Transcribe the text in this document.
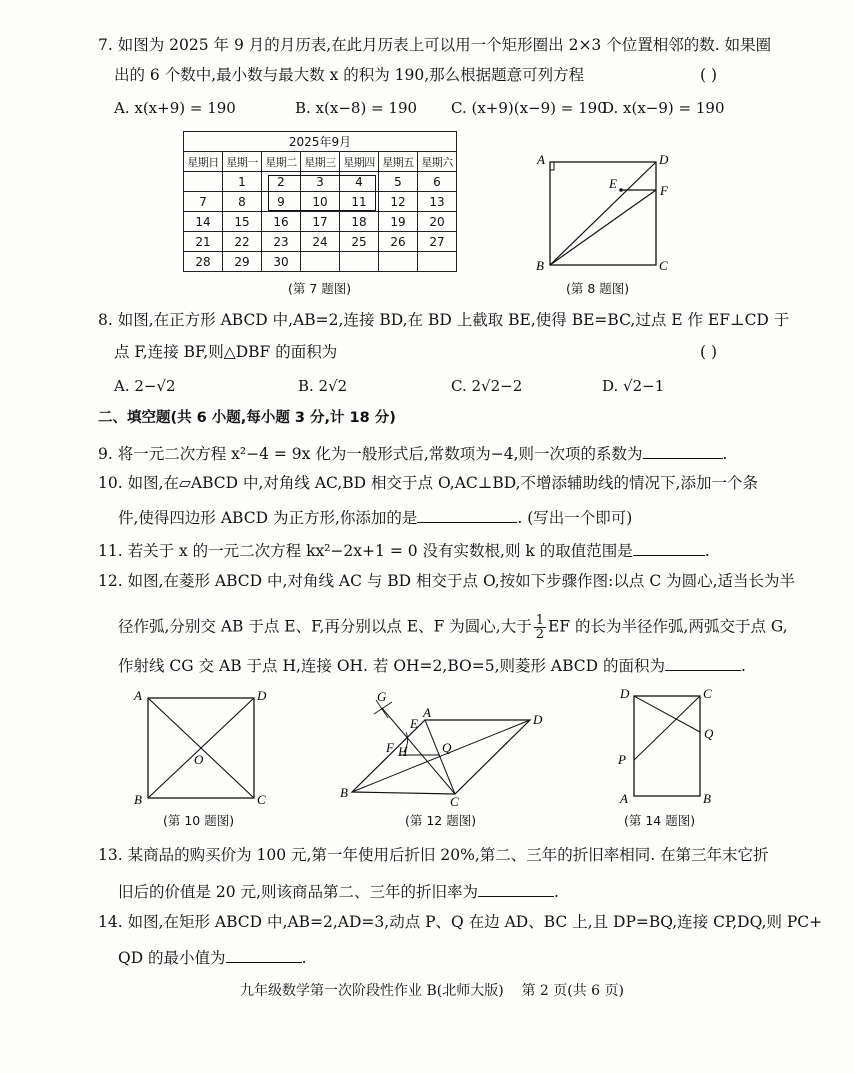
7. 如图为 2025 年 9 月的月历表,在此月历表上可以用一个矩形圈出 2×3 个位置相邻的数. 如果圈
出的 6 个数中,最小数与最大数 x 的积为 190,那么根据题意可列方程	( )
A. x(x+9) = 190	B. x(x−8) = 190 C. (x+9)(x−9) = 190
D. x(x−9) = 190
2025年9月						
星期日	星期一	星期二	星期三	星期四	星期五	星期六
	1	2	3	4	5	6
7	8	9	10	11	12	13
14	15	16	17	18	19	20
21	22	23	24	25	26	27
28	29	30				
(第 7 题图)
A	D
E	F
B	C
(第 8 题图)
8. 如图,在正方形 ABCD 中,AB=2,连接 BD,在 BD 上截取 BE,使得 BE=BC,过点 E 作 EF⊥CD 于
点 F,连接 BF,则△DBF 的面积为	( )
A. 2−√2	B. 2√2	C. 2√2−2	D. √2−1
二、填空题(共 6 小题,每小题 3 分,计 18 分)
9. 将一元二次方程 x²−4 = 9x 化为一般形式后,常数项为−4,则一次项的系数为	.
10. 如图,在▱ABCD 中,对角线 AC,BD 相交于点 O,AC⊥BD,不增添辅助线的情况下,添加一个条
件,使得四边形 ABCD 为正方形,你添加的是	. (写出一个即可)
11. 若关于 x 的一元二次方程 kx²−2x+1 = 0 没有实数根,则 k 的取值范围是	.
12. 如图,在菱形 ABCD 中,对角线 AC 与 BD 相交于点 O,按如下步骤作图:以点 C 为圆心,适当长为半
径作弧,分别交 AB 于点 E、F,再分别以点 E、F 为圆心,大于 $\frac{1}{2}$ EF 的长为半径作弧,两弧交于点 G,
作射线 CG 交 AB 于点 H,连接 OH. 若 OH=2,BO=5,则菱形 ABCD 的面积为	.
A	D
O
B	C
(第 10 题图)
G
E
A	D
F H	Q
B
C
(第 12 题图)
D	C
Q
P
A	B
(第 14 题图)
13. 某商品的购买价为 100 元,第一年使用后折旧 20%,第二、三年的折旧率相同. 在第三年末它折
旧后的价值是 20 元,则该商品第二、三年的折旧率为	.
14. 如图,在矩形 ABCD 中,AB=2,AD=3,动点 P、Q 在边 AD、BC 上,且 DP=BQ,连接 CP,DQ,则 PC+
QD 的最小值为	.
九年级数学第一次阶段性作业 B(北师大版)    第 2 页(共 6 页)
